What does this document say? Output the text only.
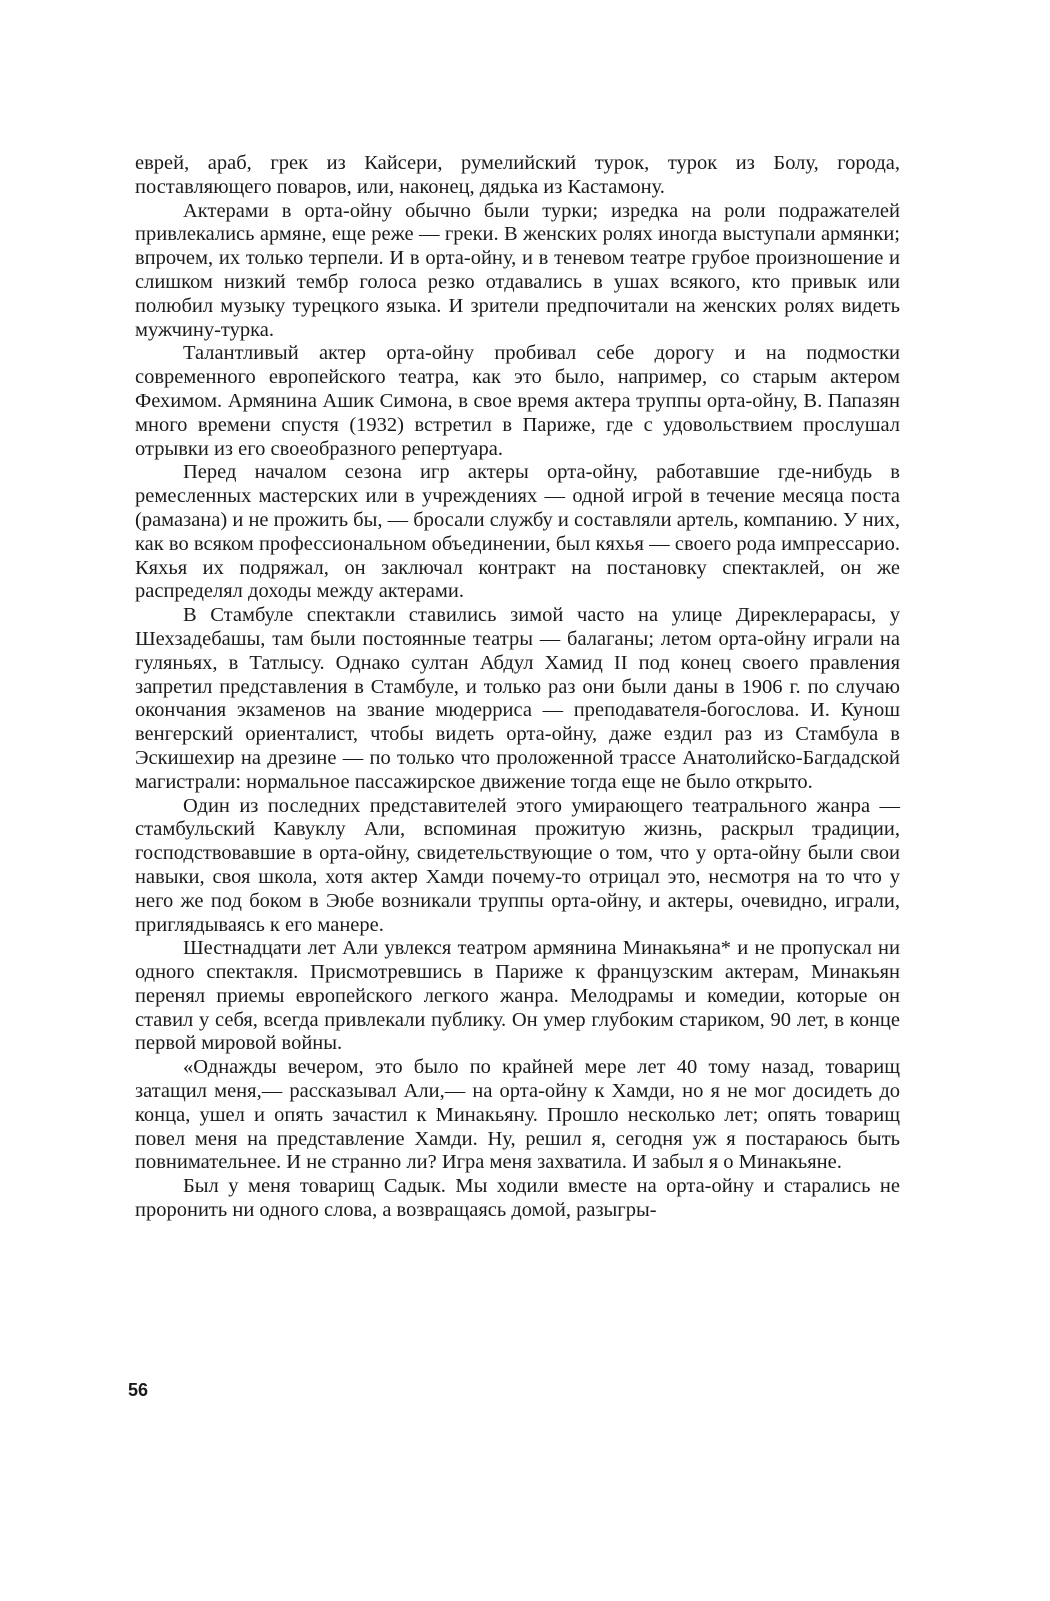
еврей, араб, грек из Кайсери, румелийский турок, турок из Болу, города, поставляющего поваров, или, наконец, дядька из Кастамону.

Актерами в орта-ойну обычно были турки; изредка на роли подражателей привлекались армяне, еще реже — греки. В женских ролях иногда выступали армянки; впрочем, их только терпели. И в орта-ойну, и в теневом театре грубое произношение и слишком низкий тембр голоса резко отдавались в ушах всякого, кто привык или полюбил музыку турецкого языка. И зрители предпочитали на женских ролях видеть мужчину-турка.

Талантливый актер орта-ойну пробивал себе дорогу и на подмостки современного европейского театра, как это было, например, со старым актером Фехимом. Армянина Ашик Симона, в свое время актера труппы орта-ойну, В. Папазян много времени спустя (1932) встретил в Париже, где с удовольствием прослушал отрывки из его своеобразного репертуара.

Перед началом сезона игр актеры орта-ойну, работавшие где-нибудь в ремесленных мастерских или в учреждениях — одной игрой в течение месяца поста (рамазана) и не прожить бы, — бросали службу и составляли артель, компанию. У них, как во всяком профессиональном объединении, был кяхья — своего рода импрессарио. Кяхья их подряжал, он заключал контракт на постановку спектаклей, он же распределял доходы между актерами.

В Стамбуле спектакли ставились зимой часто на улице Диреклерарасы, у Шехзадебашы, там были постоянные театры — балаганы; летом орта-ойну играли на гуляньях, в Татлысу. Однако султан Абдул Хамид II под конец своего правления запретил представления в Стамбуле, и только раз они были даны в 1906 г. по случаю окончания экзаменов на звание мюдерриса — преподавателя-богослова. И. Кунош венгерский ориенталист, чтобы видеть орта-ойну, даже ездил раз из Стамбула в Эскишехир на дрезине — по только что проложенной трассе Анатолийско-Багдадской магистрали: нормальное пассажирское движение тогда еще не было открыто.

Один из последних представителей этого умирающего театрального жанра — стамбульский Кавуклу Али, вспоминая прожитую жизнь, раскрыл традиции, господствовавшие в орта-ойну, свидетельствующие о том, что у орта-ойну были свои навыки, своя школа, хотя актер Хамди почему-то отрицал это, несмотря на то что у него же под боком в Эюбе возникали труппы орта-ойну, и актеры, очевидно, играли, приглядываясь к его манере.

Шестнадцати лет Али увлекся театром армянина Минакьяна* и не пропускал ни одного спектакля. Присмотревшись в Париже к французским актерам, Минакьян перенял приемы европейского легкого жанра. Мелодрамы и комедии, которые он ставил у себя, всегда привлекали публику. Он умер глубоким стариком, 90 лет, в конце первой мировой войны.

«Однажды вечером, это было по крайней мере лет 40 тому назад, товарищ затащил меня,— рассказывал Али,— на орта-ойну к Хамди, но я не мог досидеть до конца, ушел и опять зачастил к Минакьяну. Прошло несколько лет; опять товарищ повел меня на представление Хамди. Ну, решил я, сегодня уж я постараюсь быть повнимательнее. И не странно ли? Игра меня захватила. И забыл я о Минакьяне.

Был у меня товарищ Садык. Мы ходили вместе на орта-ойну и старались не проронить ни одного слова, а возвращаясь домой, разыгры-

56
